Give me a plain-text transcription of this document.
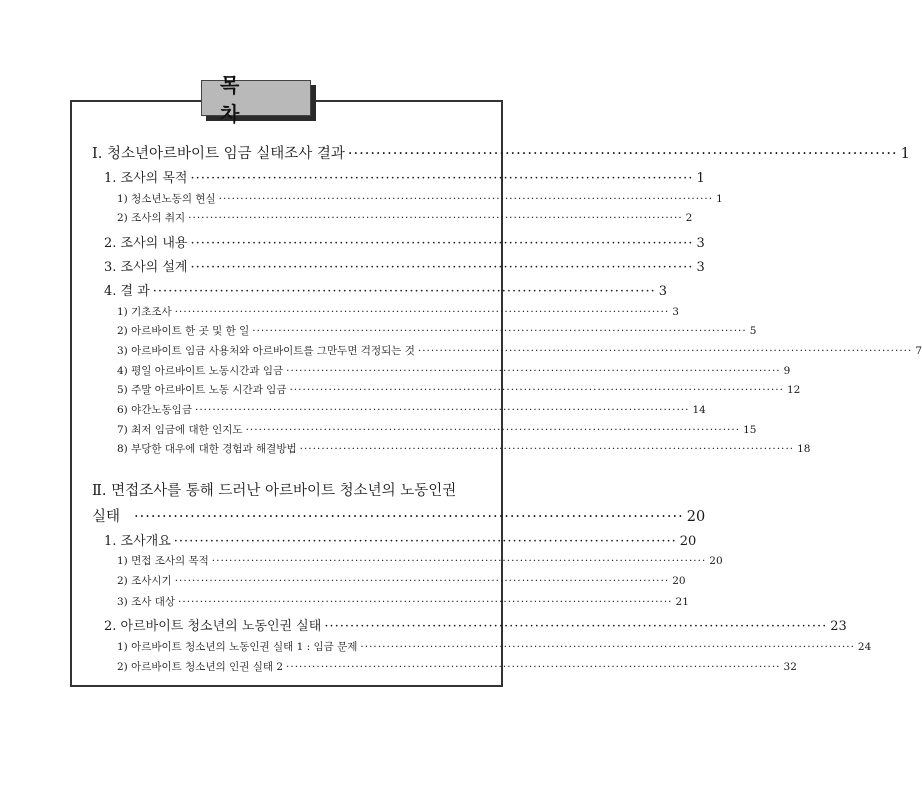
목 차
Ⅰ. 청소년아르바이트 임금 실태조사 결과 ·································································································· 1
1. 조사의 목적 ·································································································· 1
1) 청소년노동의 현실 ·················································································································· 1
2) 조사의 취지 ·················································································································· 2
2. 조사의 내용 ·································································································· 3
3. 조사의 설계 ·································································································· 3
4. 결 과 ·································································································· 3
1) 기초조사 ·················································································································· 3
2) 아르바이트 한 곳 및 한 일 ·················································································································· 5
3) 아르바이트 임금 사용처와 아르바이트를 그만두면 걱정되는 것 ·················································································································· 7
4) 평일 아르바이트 노동시간과 임금 ·················································································································· 9
5) 주말 아르바이트 노동 시간과 임금 ·················································································································· 12
6) 야간노동임금 ·················································································································· 14
7) 최저 임금에 대한 인지도 ·················································································································· 15
8) 부당한 대우에 대한 경험과 해결방법 ·················································································································· 18
Ⅱ. 면접조사를 통해 드러난 아르바이트 청소년의 노동인권
실태 ·································································································· 20
1. 조사개요 ·································································································· 20
1) 면접 조사의 목적 ·················································································································· 20
2) 조사시기 ·················································································································· 20
3) 조사 대상 ·················································································································· 21
2. 아르바이트 청소년의 노동인권 실태 ·································································································· 23
1) 아르바이트 청소년의 노동인권 실태 1 : 임금 문제 ·················································································································· 24
2) 아르바이트 청소년의 인권 실태 2 ·················································································································· 32
